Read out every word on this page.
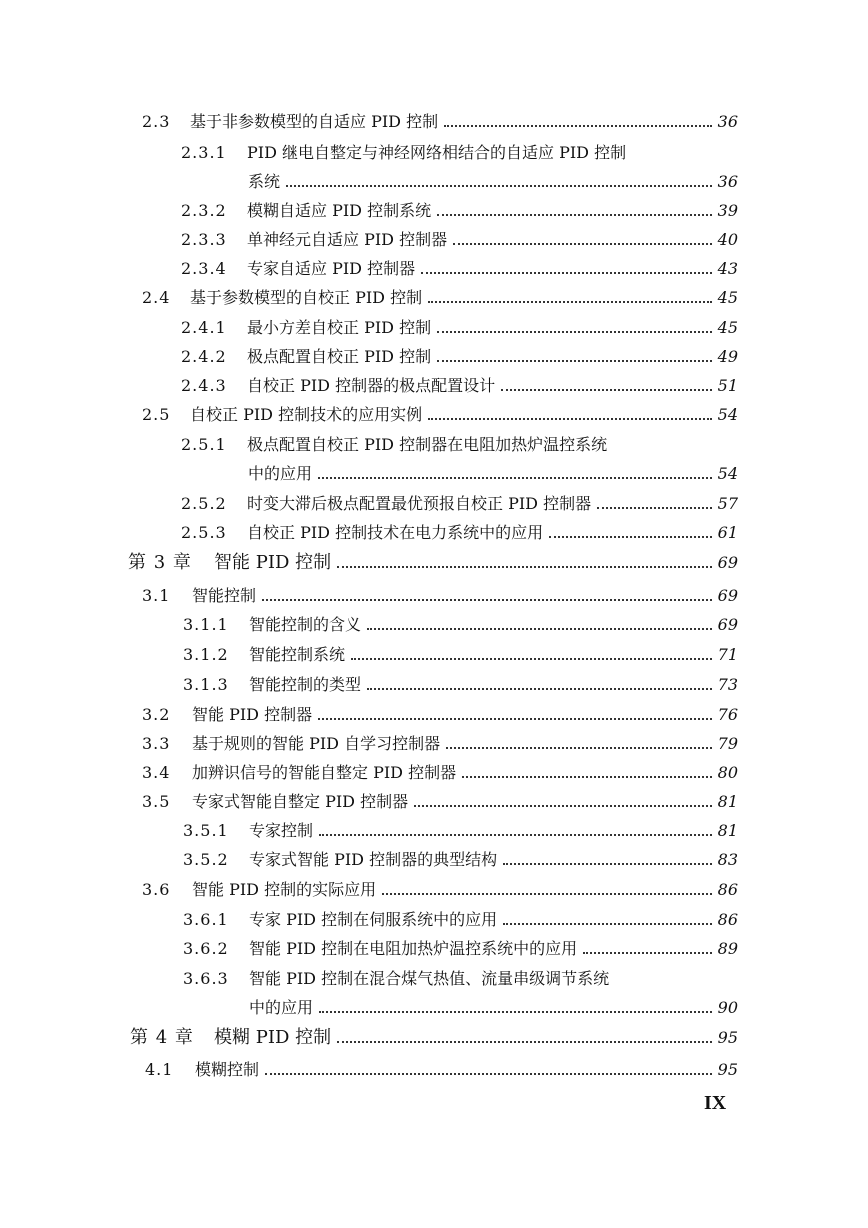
2.3	基于非参数模型的自适应 PID 控制	36
2.3.1	PID 继电自整定与神经网络相结合的自适应 PID 控制
系统	36
2.3.2	模糊自适应 PID 控制系统	39
2.3.3	单神经元自适应 PID 控制器	40
2.3.4	专家自适应 PID 控制器	43
2.4	基于参数模型的自校正 PID 控制	45
2.4.1	最小方差自校正 PID 控制	45
2.4.2	极点配置自校正 PID 控制	49
2.4.3	自校正 PID 控制器的极点配置设计	51
2.5	自校正 PID 控制技术的应用实例	54
2.5.1	极点配置自校正 PID 控制器在电阻加热炉温控系统
中的应用	54
2.5.2	时变大滞后极点配置最优预报自校正 PID 控制器	57
2.5.3	自校正 PID 控制技术在电力系统中的应用	61
第 3 章	智能 PID 控制	69
3.1	智能控制	69
3.1.1	智能控制的含义	69
3.1.2	智能控制系统	71
3.1.3	智能控制的类型	73
3.2	智能 PID 控制器	76
3.3	基于规则的智能 PID 自学习控制器	79
3.4	加辨识信号的智能自整定 PID 控制器	80
3.5	专家式智能自整定 PID 控制器	81
3.5.1	专家控制	81
3.5.2	专家式智能 PID 控制器的典型结构	83
3.6	智能 PID 控制的实际应用	86
3.6.1	专家 PID 控制在伺服系统中的应用	86
3.6.2	智能 PID 控制在电阻加热炉温控系统中的应用	89
3.6.3	智能 PID 控制在混合煤气热值、流量串级调节系统
中的应用	90
第 4 章	模糊 PID 控制	95
4.1	模糊控制	95
IX
